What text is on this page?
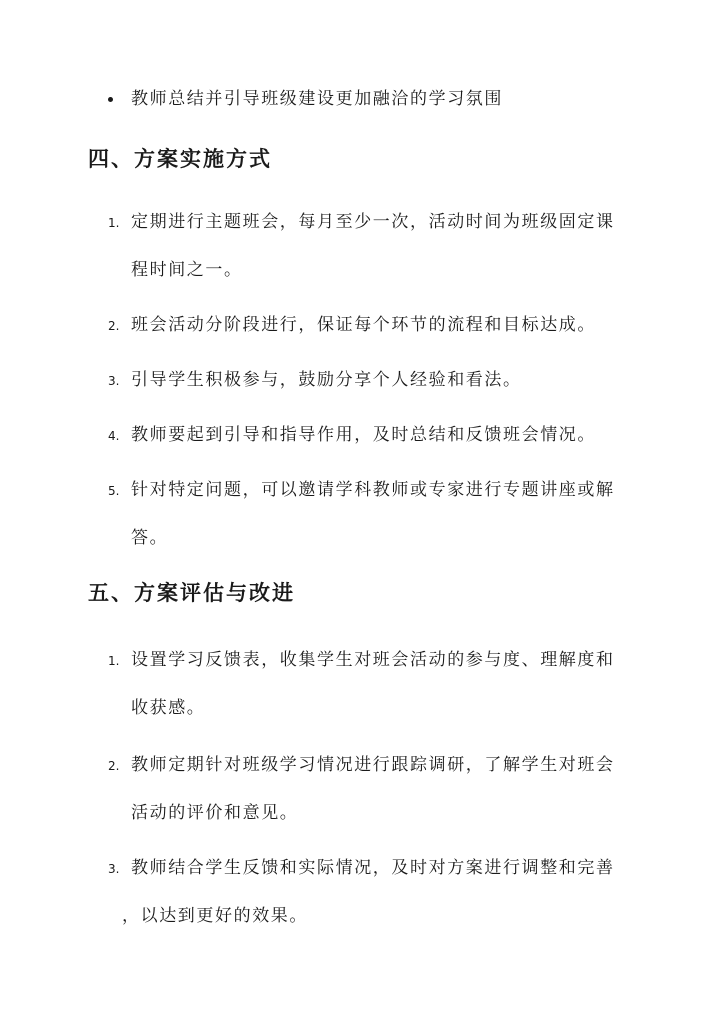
教师总结并引导班级建设更加融洽的学习氛围
四、方案实施方式
1. 定期进行主题班会，每月至少一次，活动时间为班级固定课
程时间之一。
2. 班会活动分阶段进行，保证每个环节的流程和目标达成。
3. 引导学生积极参与，鼓励分享个人经验和看法。
4. 教师要起到引导和指导作用，及时总结和反馈班会情况。
5. 针对特定问题，可以邀请学科教师或专家进行专题讲座或解
答。
五、方案评估与改进
1. 设置学习反馈表，收集学生对班会活动的参与度、理解度和
收获感。
2. 教师定期针对班级学习情况进行跟踪调研，了解学生对班会
活动的评价和意见。
3. 教师结合学生反馈和实际情况，及时对方案进行调整和完善
，以达到更好的效果。
